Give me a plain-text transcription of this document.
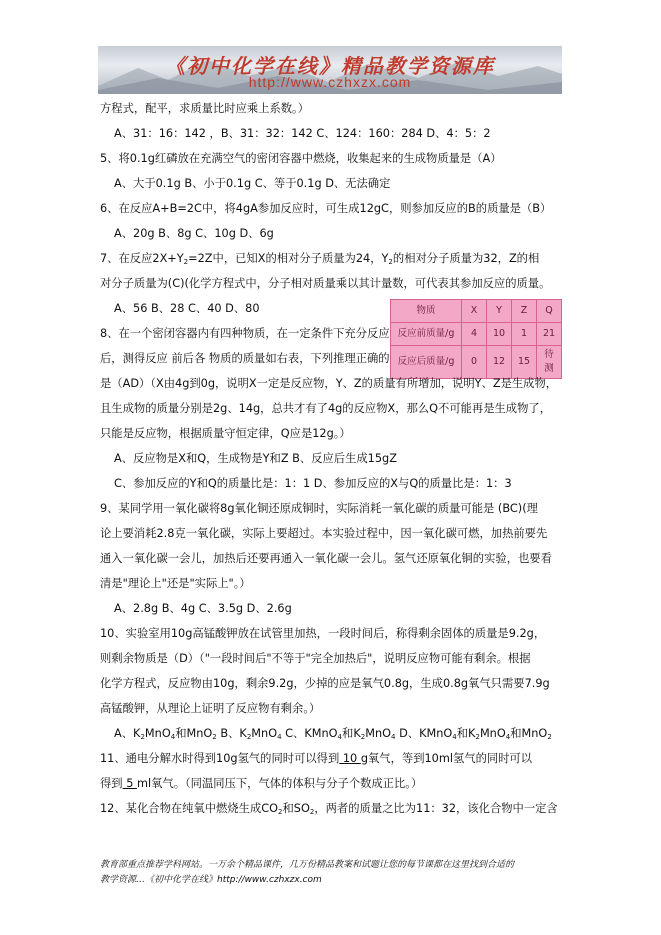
《初中化学在线》精品教学资源库
http://www.czhxzx.com

方程式，配平，求质量比时应乘上系数。）

A、31：16：142 ，B、31：32：142 C、124：160：284 D、4：5：2

5、将0.1g红磷放在充满空气的密闭容器中燃烧，收集起来的生成物质量是（A）

A、大于0.1g B、小于0.1g C、等于0.1g D、无法确定

6、在反应A+B=2C中，将4gA参加反应时，可生成12gC，则参加反应的B的质量是（B）

A、20g B、8g C、10g D、6g

7、在反应$2X+Y_2=2Z$中，已知X的相对分子质量为24，$Y_2$的相对分子质量为32，Z的相

对分子质量为(C)(化学方程式中，分子相对质量乘以其计量数，可代表其参加反应的质量。

物质	X	Y	Z	Q
反应前质量/g	4	10	1	21
反应后质量/g	0	12	15	待测

A、56 B、28 C、40 D、80

8、在一个密闭容器内有四种物质，在一定条件下充分反应

后，测得反应 前后各 物质的质量如右表，下列推理正确的

是（AD）（X由4g到0g，说明X一定是反应物，Y、Z的质量有所增加，说明Y、Z是生成物，

且生成物的质量分别是2g、14g，总共才有了4g的反应物X，那么Q不可能再是生成物了，

只能是反应物，根据质量守恒定律，Q应是12g。）

A、反应物是X和Q，生成物是Y和Z B、反应后生成15gZ

C、参加反应的Y和Q的质量比是：1：1 D、参加反应的X与Q的质量比是：1：3

9、某同学用一氧化碳将8g氧化铜还原成铜时，实际消耗一氧化碳的质量可能是 (BC)(理

论上要消耗2.8克一氧化碳，实际上要超过。本实验过程中，因一氧化碳可燃，加热前要先

通入一氧化碳一会儿，加热后还要再通入一氧化碳一会儿。氢气还原氧化铜的实验，也要看

清是"理论上"还是"实际上"。）

A、2.8g B、4g C、3.5g D、2.6g

10、实验室用10g高锰酸钾放在试管里加热，一段时间后，称得剩余固体的质量是9.2g，

则剩余物质是（D）（"一段时间后"不等于"完全加热后"，说明反应物可能有剩余。根据

化学方程式，反应物由10g，剩余9.2g，少掉的应是氧气0.8g，生成0.8g氧气只需要7.9g

高锰酸钾，从理论上证明了反应物有剩余。）

A、$K_2MnO_4$和MnO$_2$ B、$K_2MnO_4$ C、KMnO$_4$和$K_2MnO_4$ D、KMnO$_4$和$K_2MnO_4$和MnO$_2$

11、通电分解水时得到10g氢气的同时可以得到 10 g氧气，等到10ml氢气的同时可以

得到 5 ml氧气。（同温同压下，气体的体积与分子个数成正比。）

12、某化合物在纯氧中燃烧生成$CO_2$和$SO_2$，两者的质量之比为11：32，该化合物中一定含

教育部重点推荐学科网站。一万余个精品课件，几万份精品教案和试题让您的每节课都在这里找到合适的
教学资源…《初中化学在线》http://www.czhxzx.com
